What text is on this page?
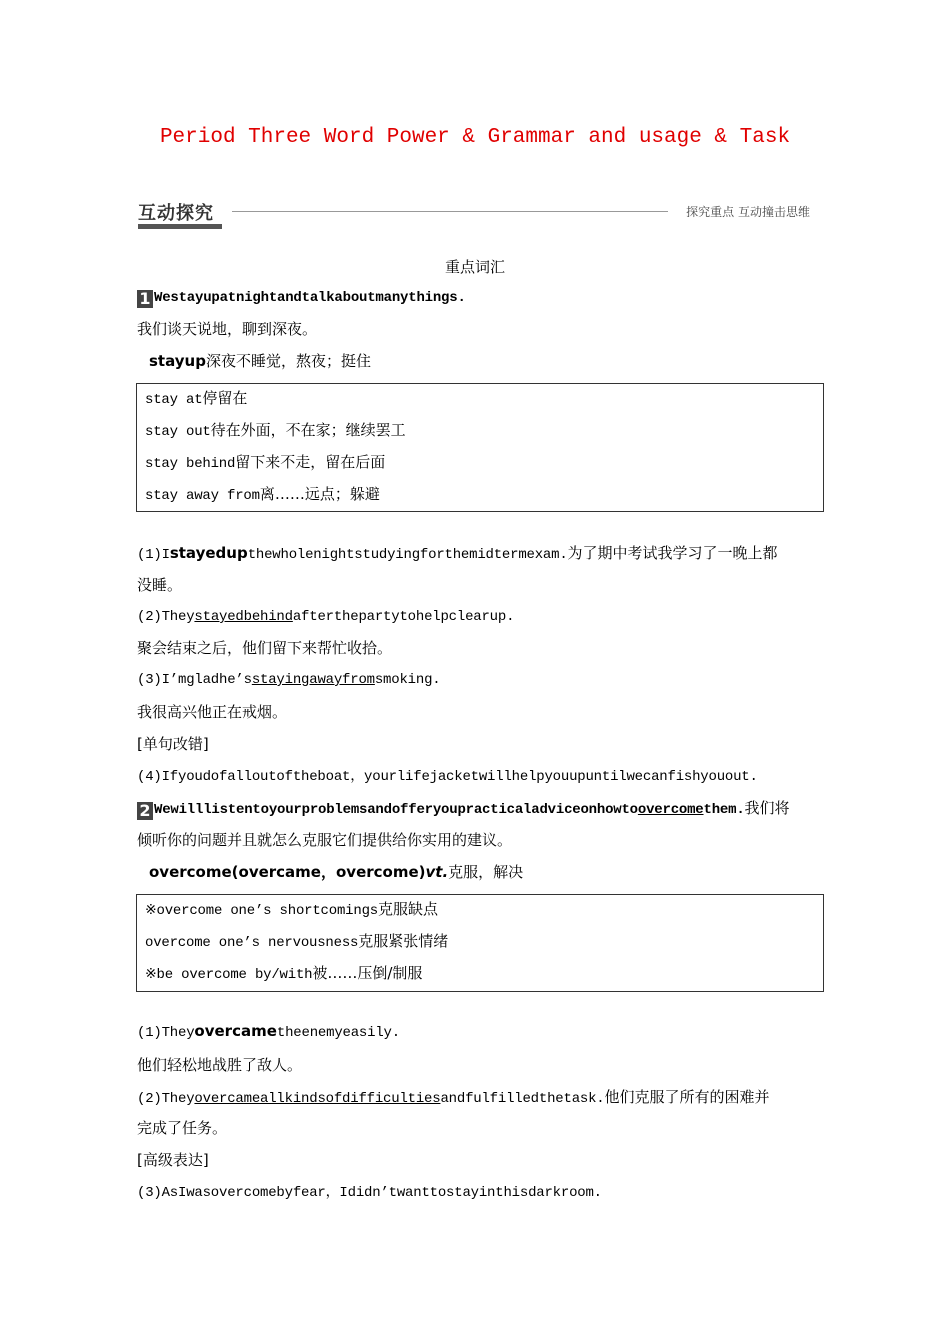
Period Three Word Power & Grammar and usage & Task
互动探究	探究重点 互动撞击思维
重点词汇
1 Westayupatnightandtalkaboutmanythings.
我们谈天说地，聊到深夜。
stayup深夜不睡觉，熬夜；挺住
stay at停留在
stay out待在外面，不在家；继续罢工
stay behind留下来不走，留在后面
stay away from离……远点；躲避
(1)Istayedupthewholenightstudyingforthemidtermexam.为了期中考试我学习了一晚上都
没睡。
(2)Theystayedbehindafterthepartytohelpclearup.
聚会结束之后，他们留下来帮忙收拾。
(3)I’mgladhe’sstayingawayfromsmoking.
我很高兴他正在戒烟。
[单句改错]
(4)Ifyoudofalloutoftheboat，yourlifejacketwillhelpyouupuntilwecanfishyouout.
2 Wewilllistentoyourproblemsandofferyoupracticaladviceonhowtoovercomethem.我们将
倾听你的问题并且就怎么克服它们提供给你实用的建议。
overcome(overcame，overcome)vt.克服，解决
※overcome one’s shortcomings克服缺点
overcome one’s nervousness克服紧张情绪
※be overcome by/with被……压倒/制服
(1)Theyovercametheenemyeasily.
他们轻松地战胜了敌人。
(2)Theyovercameallkindsofdifficultiesandfulfilledthetask.他们克服了所有的困难并
完成了任务。
[高级表达]
(3)AsIwasovercomebyfear，Ididn’twanttostayinthisdarkroom.
